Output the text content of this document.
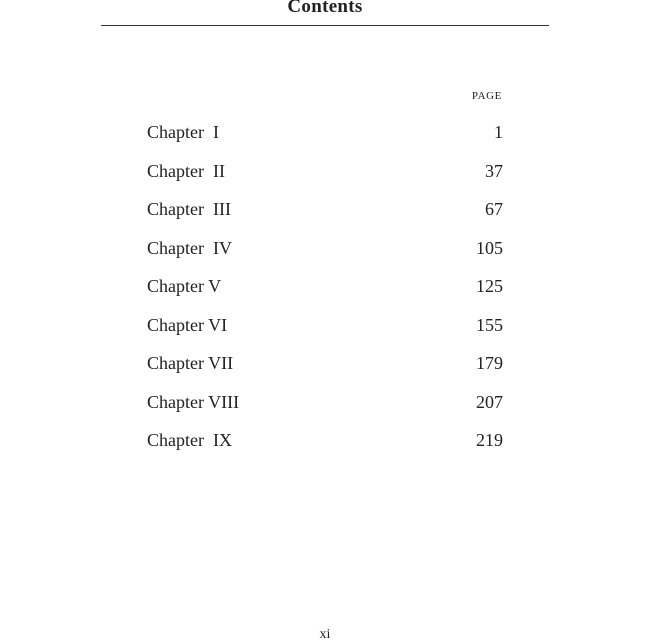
Contents
PAGE
Chapter  I	1
Chapter  II	37
Chapter  III	67
Chapter  IV	105
Chapter V	125
Chapter VI	155
Chapter VII	179
Chapter VIII	207
Chapter  IX	219
xi
